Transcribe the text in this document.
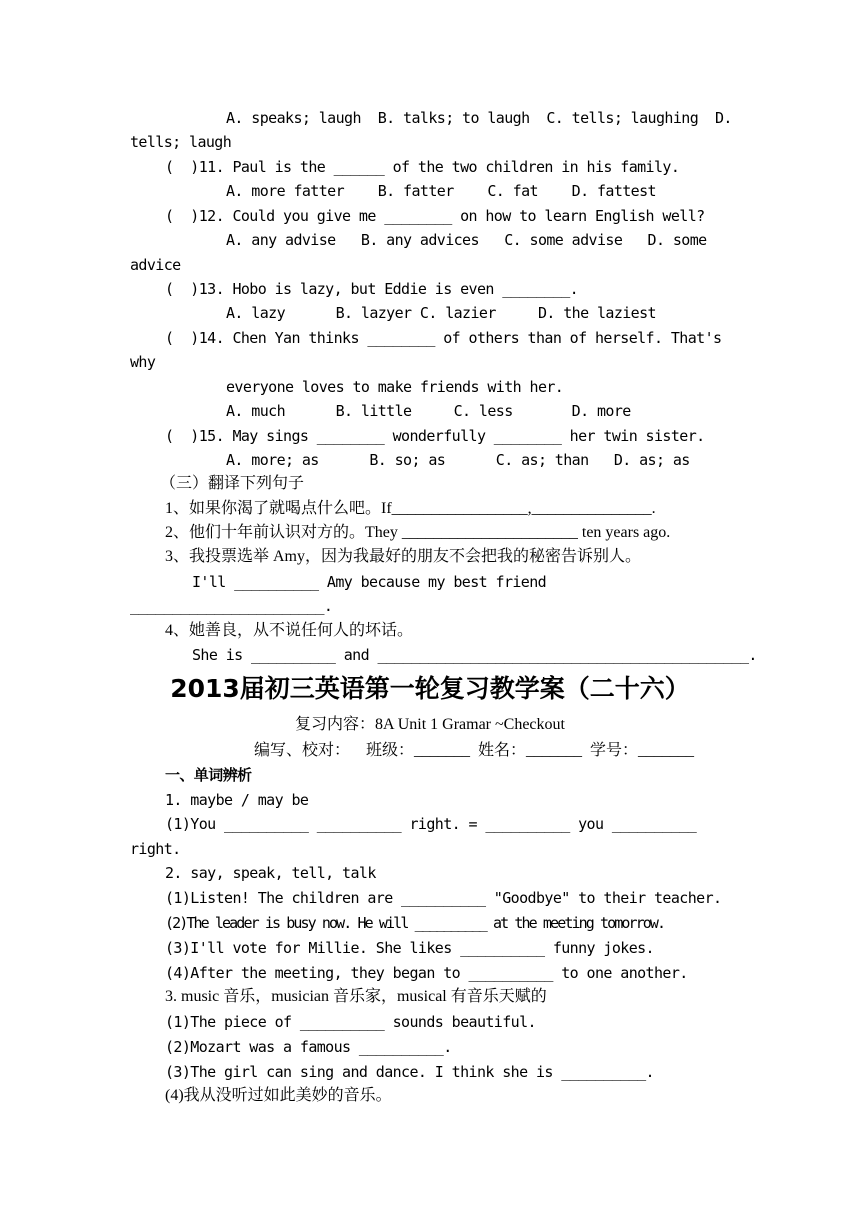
A. speaks; laugh  B. talks; to laugh  C. tells; laughing  D.
tells; laugh
(  )11. Paul is the ______ of the two children in his family.
A. more fatter    B. fatter    C. fat    D. fattest
(  )12. Could you give me ________ on how to learn English well?
A. any advise   B. any advices   C. some advise   D. some
advice
(  )13. Hobo is lazy, but Eddie is even ________.
A. lazy      B. lazyer C. lazier     D. the laziest
(  )14. Chen Yan thinks ________ of others than of herself. That's
why
everyone loves to make friends with her.
A. much      B. little     C. less       D. more
(  )15. May sings ________ wonderfully ________ her twin sister.
A. more; as      B. so; as      C. as; than   D. as; as
（三）翻译下列句子
1、如果你渴了就喝点什么吧。If_________________,_______________.
2、他们十年前认识对方的。They ______________________ ten years ago.
3、我投票选举 Amy，因为我最好的朋友不会把我的秘密告诉别人。
I'll __________ Amy because my best friend
_______________________.
4、她善良，从不说任何人的坏话。
She is __________ and ____________________________________________.
2013届初三英语第一轮复习教学案（二十六）
复习内容：8A Unit 1 Gramar ~Checkout
编写、校对：    班级：_______  姓名：_______  学号：_______
一、单词辨析
1. maybe / may be
(1)You __________ __________ right. = __________ you __________
right.
2. say, speak, tell, talk
(1)Listen! The children are __________ "Goodbye" to their teacher.
(2)The leader is busy now. He will __________ at the meeting tomorrow.
(3)I'll vote for Millie. She likes __________ funny jokes.
(4)After the meeting, they began to __________ to one another.
3. music 音乐，musician 音乐家，musical 有音乐天赋的
(1)The piece of __________ sounds beautiful.
(2)Mozart was a famous __________.
(3)The girl can sing and dance. I think she is __________.
(4)我从没听过如此美妙的音乐。
